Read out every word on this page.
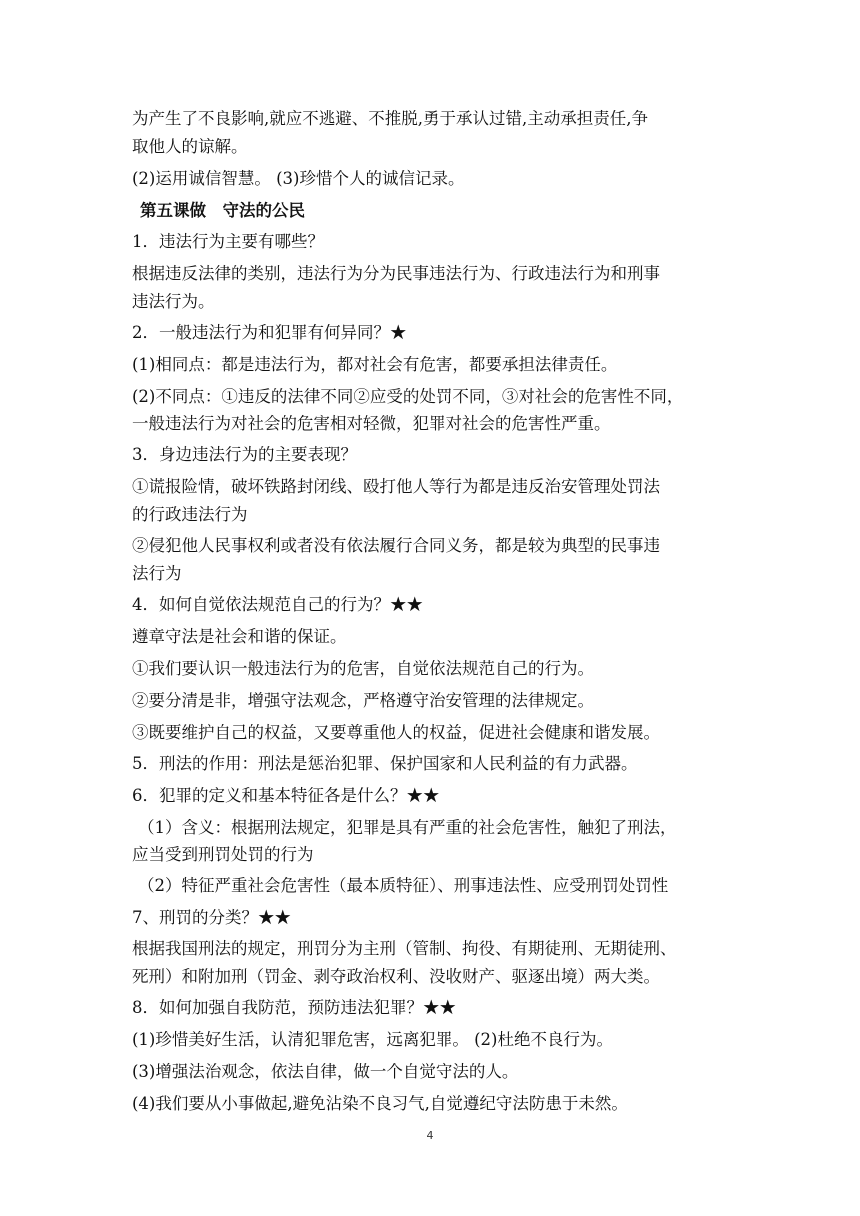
为产生了不良影响,就应不逃避、不推脱,勇于承认过错,主动承担责任,争
取他人的谅解。
(2)运用诚信智慧。 (3)珍惜个人的诚信记录。
第五课做　守法的公民
1．违法行为主要有哪些？
根据违反法律的类别，违法行为分为民事违法行为、行政违法行为和刑事
违法行为。
2．一般违法行为和犯罪有何异同？★
(1)相同点：都是违法行为，都对社会有危害，都要承担法律责任。
(2)不同点：①违反的法律不同②应受的处罚不同，③对社会的危害性不同，
一般违法行为对社会的危害相对轻微，犯罪对社会的危害性严重。
3．身边违法行为的主要表现？
①谎报险情，破坏铁路封闭线、殴打他人等行为都是违反治安管理处罚法
的行政违法行为
②侵犯他人民事权利或者没有依法履行合同义务，都是较为典型的民事违
法行为
4．如何自觉依法规范自己的行为？★★
遵章守法是社会和谐的保证。
①我们要认识一般违法行为的危害，自觉依法规范自己的行为。
②要分清是非，增强守法观念，严格遵守治安管理的法律规定。
③既要维护自己的权益，又要尊重他人的权益，促进社会健康和谐发展。
5．刑法的作用：刑法是惩治犯罪、保护国家和人民利益的有力武器。
6．犯罪的定义和基本特征各是什么？★★
（1）含义：根据刑法规定，犯罪是具有严重的社会危害性，触犯了刑法，
应当受到刑罚处罚的行为
（2）特征严重社会危害性（最本质特征）、刑事违法性、应受刑罚处罚性
7、刑罚的分类？★★
根据我国刑法的规定，刑罚分为主刑（管制、拘役、有期徒刑、无期徒刑、
死刑）和附加刑（罚金、剥夺政治权利、没收财产、驱逐出境）两大类。
8．如何加强自我防范，预防违法犯罪？★★
(1)珍惜美好生活，认清犯罪危害，远离犯罪。 (2)杜绝不良行为。
(3)增强法治观念，依法自律，做一个自觉守法的人。
(4)我们要从小事做起,避免沾染不良习气,自觉遵纪守法防患于未然。
4
